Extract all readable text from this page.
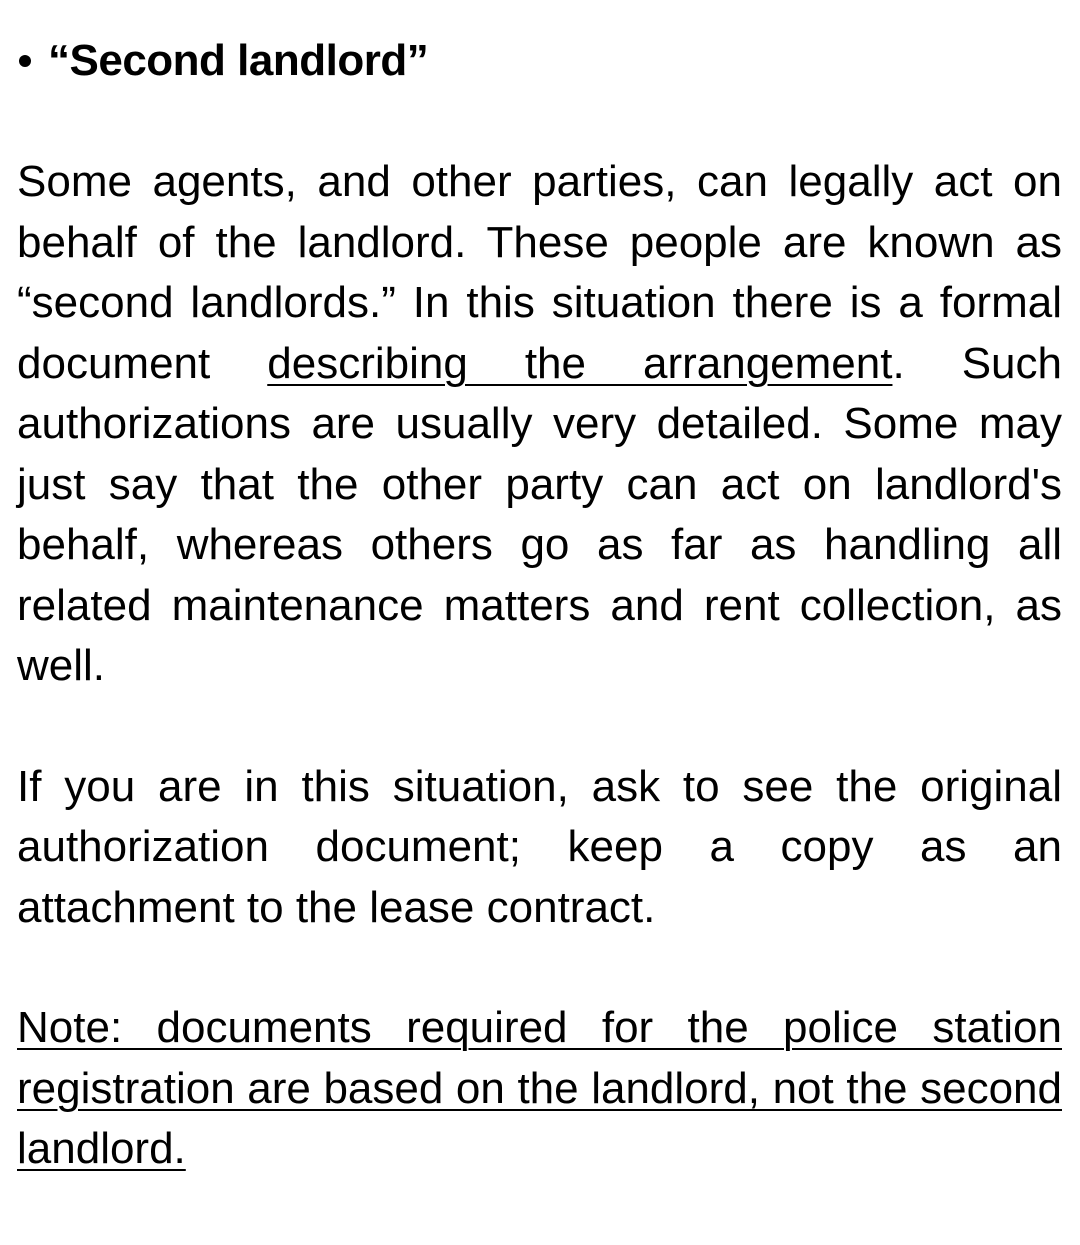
“Second landlord”

Some agents, and other parties, can legally act on behalf of the landlord. These people are known as “second landlords.” In this situation there is a formal document describing the arrangement. Such authorizations are usually very detailed. Some may just say that the other party can act on landlord's behalf, whereas others go as far as handling all related maintenance matters and rent collection, as well.

If you are in this situation, ask to see the original authorization document; keep a copy as an attachment to the lease contract.

Note: documents required for the police station registration are based on the landlord, not the second landlord.
